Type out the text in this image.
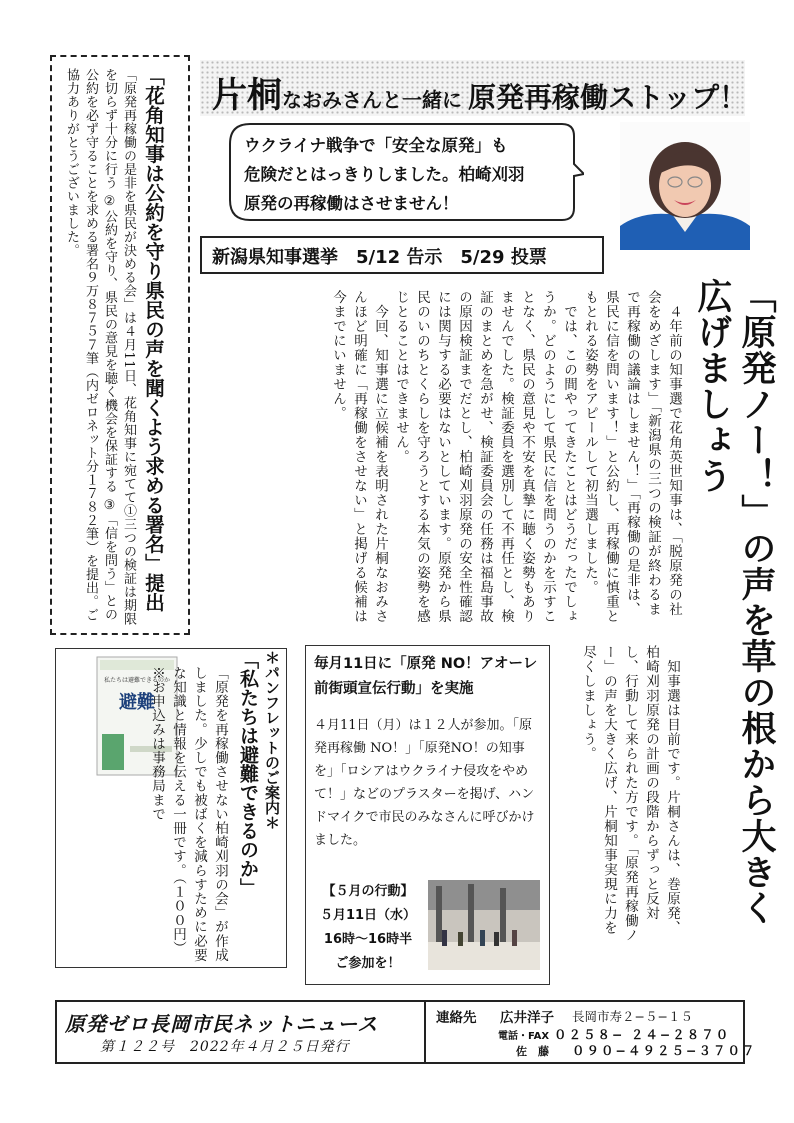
片桐なおみさんと一緒に 原発再稼働ストップ！
ウクライナ戦争で「安全な原発」も
危険だとはっきりしました。柏崎刈羽
原発の再稼働はさせません！
新潟県知事選挙　5/12 告示　5/29 投票
「原発ノー！」の声を草の根から大きく広げましょう

　４年前の知事選で花角英世知事は、「脱原発の社会をめざします」「新潟県の三つの検証が終わるまで再稼働の議論はしません！」「再稼働の是非は、県民に信を問います！」と公約し、再稼働に慎重ともとれる姿勢をアピールして初当選しました。

　では、この間やってきたことはどうだったでしょうか。どのようにして県民に信を問うのかを示すことなく、県民の意見や不安を真摯に聴く姿勢もありませんでした。検証委員を選別して不再任とし、検証のまとめを急がせ、検証委員会の任務は福島事故の原因検証までだとし、柏崎刈羽原発の安全性確認には関与する必要はないとしています。原発から県民のいのちとくらしを守ろうとする本気の姿勢を感じとることはできません。

　今回、知事選に立候補を表明された片桐なおみさんほど明確に「再稼働をさせない」と掲げる候補は今までにいません。

　知事選は目前です。片桐さんは、巻原発、柏崎刈羽原発の計画の段階からずっと反対し、行動して来られた方です。「原発再稼働ノー」の声を大きく広げ、片桐知事実現に力を尽くしましょう。

「花角知事は公約を守り県民の声を聞くよう求める署名」提出
「原発再稼働の是非を県民が決める会」は４月11日、花角知事に宛てて①三つの検証は期限を切らず十分に行う ②公約を守り、県民の意見を聴く機会を保証する ③「信を問う」との公約を必ず守ることを求める署名９万８７５７筆（内ゼロネット分１７８２筆）を提出。ご協力ありがとうございました。
私たちは避難できるのか
避難	＊パンフレットのご案内＊
「私たちは避難できるのか」

「原発を再稼働させない柏崎刈羽の会」が作成しました。少しでも被ばくを減らすために必要な知識と情報を伝える一冊です。（１００円）

※お申込みは事務局まで

毎月11日に「原発 NO！アオーレ前街頭宣伝行動」を実施
４月11日（月）は１２人が参加。「原発再稼働 NO！」「原発NO！の知事を」「ロシアはウクライナ侵攻をやめて！」などのプラスターを掲げ、ハンドマイクで市民のみなさんに呼びかけました。
【５月の行動】
５月11日（水）
16時～16時半
ご参加を！
原発ゼロ長岡市民ネットニュース
第１２２号　2022年４月２５日発行
連絡先 広井洋子 長岡市寿２−５−１５
電話・FAX ０２５８− ２４−２８７０
佐　藤 ０９０−４９２５−３７０７
